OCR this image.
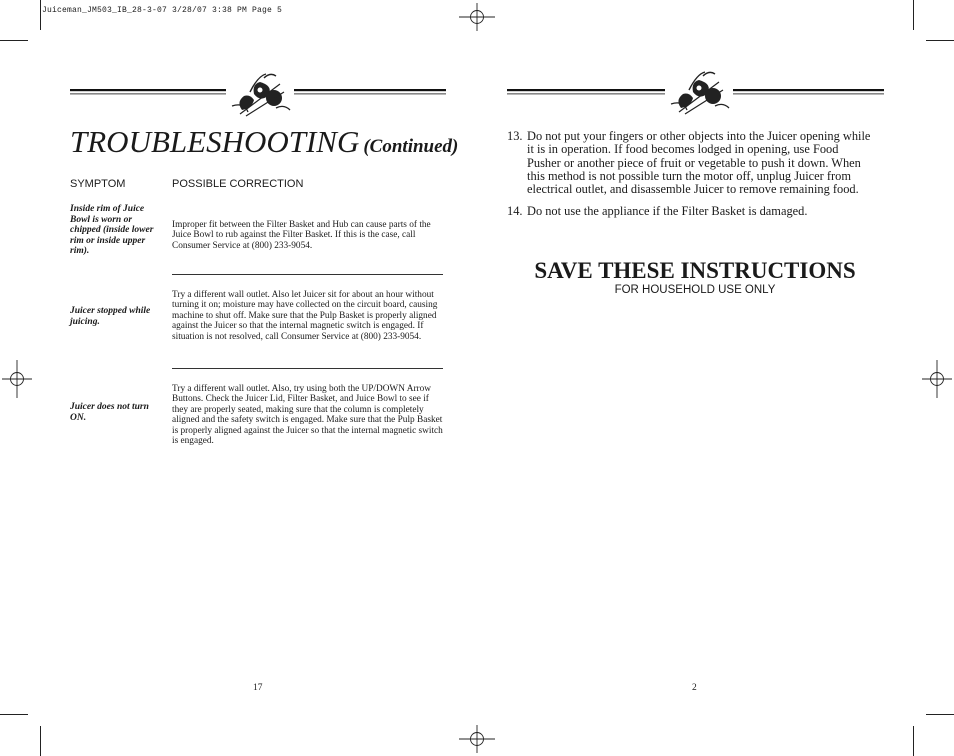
Juiceman_JM503_IB_28-3-07 3/28/07 3:38 PM Page 5
TROUBLESHOOTING (Continued)
SYMPTOM	POSSIBLE CORRECTION
Inside rim of Juice Bowl is worn or chipped (inside lower rim or inside upper rim).
Improper fit between the Filter Basket and Hub can cause parts of the Juice Bowl to rub against the Filter Basket. If this is the case, call Consumer Service at (800) 233-9054.
Juicer stopped while juicing.
Try a different wall outlet. Also let Juicer sit for about an hour without turning it on; moisture may have collected on the circuit board, causing machine to shut off. Make sure that the Pulp Basket is properly aligned against the Juicer so that the internal magnetic switch is engaged. If situation is not resolved, call Consumer Service at (800) 233-9054.
Juicer does not turn ON.
Try a different wall outlet. Also, try using both the UP/DOWN Arrow Buttons. Check the Juicer Lid, Filter Basket, and Juice Bowl to see if they are properly seated, making sure that the column is completely aligned and the safety switch is engaged. Make sure that the Pulp Basket is properly aligned against the Juicer so that the internal magnetic switch is engaged.
17
13. Do not put your fingers or other objects into the Juicer opening while it is in operation. If food becomes lodged in opening, use Food Pusher or another piece of fruit or vegetable to push it down. When this method is not possible turn the motor off, unplug Juicer from electrical outlet, and disassemble Juicer to remove remaining food.
14. Do not use the appliance if the Filter Basket is damaged.
SAVE THESE INSTRUCTIONS
FOR HOUSEHOLD USE ONLY
2
